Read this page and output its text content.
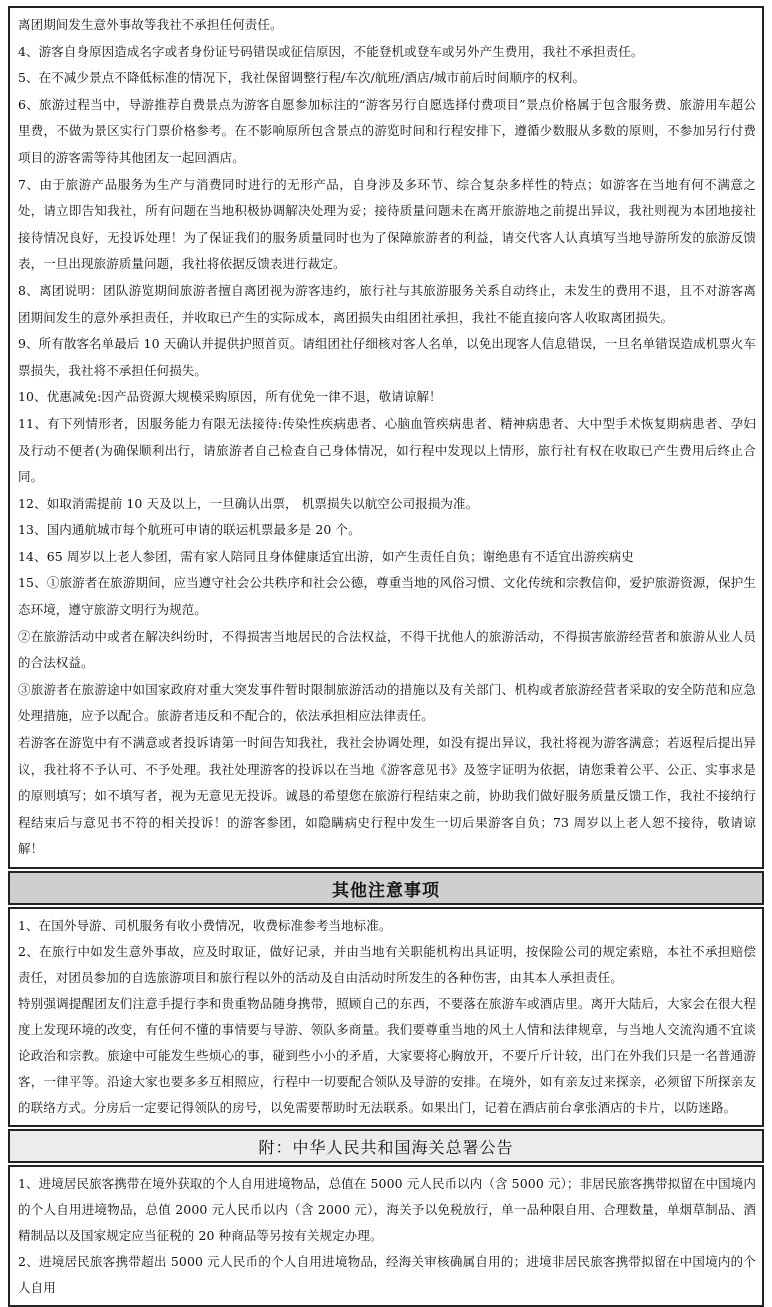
离团期间发生意外事故等我社不承担任何责任。

4、游客自身原因造成名字或者身份证号码错误或征信原因，不能登机或登车或另外产生费用，我社不承担责任。

5、在不减少景点不降低标准的情况下，我社保留调整行程/车次/航班/酒店/城市前后时间顺序的权利。

6、旅游过程当中，导游推荐自费景点为游客自愿参加标注的“游客另行自愿选择付费项目”景点价格属于包含服务费、旅游用车超公里费，不做为景区实行门票价格参考。在不影响原所包含景点的游览时间和行程安排下，遵循少数服从多数的原则，不参加另行付费项目的游客需等待其他团友一起回酒店。

7、由于旅游产品服务为生产与消费同时进行的无形产品，自身涉及多环节、综合复杂多样性的特点；如游客在当地有何不满意之处，请立即告知我社，所有问题在当地积极协调解决处理为妥；接待质量问题未在离开旅游地之前提出异议，我社则视为本团地接社接待情况良好，无投诉处理！为了保证我们的服务质量同时也为了保障旅游者的利益，请交代客人认真填写当地导游所发的旅游反馈表，一旦出现旅游质量问题，我社将依据反馈表进行裁定。

8、离团说明：团队游览期间旅游者擅自离团视为游客违约，旅行社与其旅游服务关系自动终止，未发生的费用不退，且不对游客离团期间发生的意外承担责任，并收取已产生的实际成本，离团损失由组团社承担，我社不能直接向客人收取离团损失。

9、所有散客名单最后 10 天确认并提供护照首页。请组团社仔细核对客人名单，以免出现客人信息错误，一旦名单错误造成机票火车票损失，我社将不承担任何损失。

10、优惠减免:因产品资源大规模采购原因，所有优免一律不退，敬请谅解！

11、有下列情形者，因服务能力有限无法接待:传染性疾病患者、心脑血管疾病患者、精神病患者、大中型手术恢复期病患者、孕妇及行动不便者(为确保顺利出行，请旅游者自己检查自己身体情况，如行程中发现以上情形，旅行社有权在收取已产生费用后终止合同。

12、如取消需提前 10 天及以上，一旦确认出票， 机票损失以航空公司报损为准。

13、国内通航城市每个航班可申请的联运机票最多是 20 个。

14、65 周岁以上老人参团，需有家人陪同且身体健康适宜出游，如产生责任自负；谢绝患有不适宜出游疾病史

15、①旅游者在旅游期间，应当遵守社会公共秩序和社会公德，尊重当地的风俗习惯、文化传统和宗教信仰，爱护旅游资源，保护生态环境，遵守旅游文明行为规范。

②在旅游活动中或者在解决纠纷时，不得损害当地居民的合法权益，不得干扰他人的旅游活动，不得损害旅游经营者和旅游从业人员的合法权益。

③旅游者在旅游途中如国家政府对重大突发事件暂时限制旅游活动的措施以及有关部门、机构或者旅游经营者采取的安全防范和应急处理措施，应予以配合。旅游者违反和不配合的，依法承担相应法律责任。

若游客在游览中有不满意或者投诉请第一时间告知我社，我社会协调处理，如没有提出异议，我社将视为游客满意；若返程后提出异议，我社将不予认可、不予处理。我社处理游客的投诉以在当地《游客意见书》及签字证明为依据，请您秉着公平、公正、实事求是的原则填写；如不填写者，视为无意见无投诉。诚恳的希望您在旅游行程结束之前，协助我们做好服务质量反馈工作，我社不接纳行程结束后与意见书不符的相关投诉！的游客参团，如隐瞒病史行程中发生一切后果游客自负；73 周岁以上老人恕不接待，敬请谅解！

其他注意事项

1、在国外导游、司机服务有收小费情况，收费标准参考当地标准。

2、在旅行中如发生意外事故，应及时取证，做好记录，并由当地有关职能机构出具证明，按保险公司的规定索赔，本社不承担赔偿责任，对团员参加的自选旅游项目和旅行程以外的活动及自由活动时所发生的各种伤害，由其本人承担责任。

特别强调提醒团友们注意手提行李和贵重物品随身携带，照顾自己的东西，不要落在旅游车或酒店里。离开大陆后，大家会在很大程度上发现环境的改变，有任何不懂的事情要与导游、领队多商量。我们要尊重当地的风土人情和法律规章，与当地人交流沟通不宜谈论政治和宗教。旅途中可能发生些烦心的事，碰到些小小的矛盾，大家要将心胸放开，不要斤斤计较，出门在外我们只是一名普通游客，一律平等。沿途大家也要多多互相照应，行程中一切要配合领队及导游的安排。在境外，如有亲友过来探亲，必须留下所探亲友的联络方式。分房后一定要记得领队的房号，以免需要帮助时无法联系。如果出门，记着在酒店前台拿张酒店的卡片，以防迷路。

附：中华人民共和国海关总署公告

1、进境居民旅客携带在境外获取的个人自用进境物品，总值在 5000 元人民币以内（含 5000 元）；非居民旅客携带拟留在中国境内的个人自用进境物品，总值 2000 元人民币以内（含 2000 元），海关予以免税放行，单一品种限自用、合理数量，单烟草制品、酒精制品以及国家规定应当征税的 20 种商品等另按有关规定办理。

2、进境居民旅客携带超出 5000 元人民币的个人自用进境物品，经海关审核确属自用的；进境非居民旅客携带拟留在中国境内的个人自用
